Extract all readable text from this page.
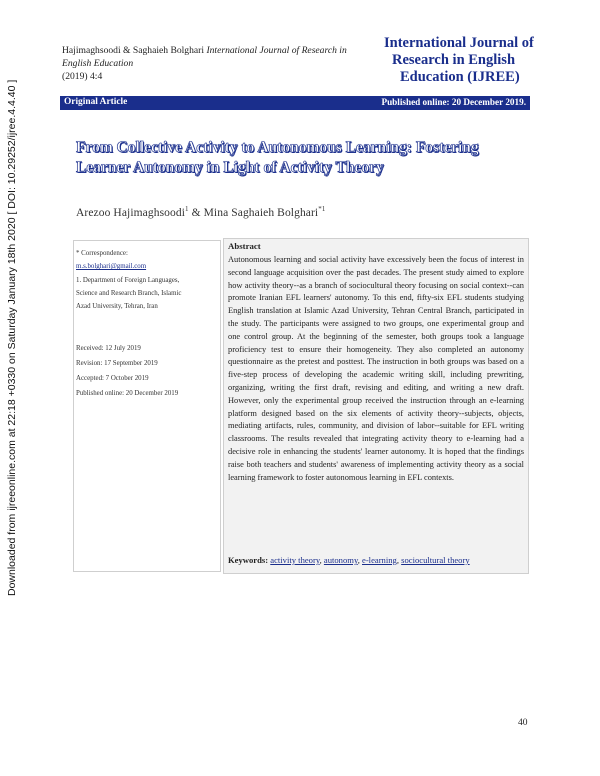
Downloaded from ijreeonline.com at 22:18 +0330 on Saturday January 18th 2020 [ DOI: 10.29252/ijree.4.4.40 ]
Hajimaghsoodi & Saghaieh Bolghari International Journal of Research in English Education
(2019) 4:4
International Journal of
Research in English
Education (IJREE)
Original Article	Published online: 20 December 2019.
From Collective Activity to Autonomous Learning: Fostering Learner Autonomy in Light of Activity Theory
Arezoo Hajimaghsoodi$^1$ & Mina Saghaieh Bolghari$^{*1}$
* Correspondence:
m.s.bolghari@gmail.com
1. Department of Foreign Languages,
Science and Research Branch, Islamic
Azad University, Tehran, Iran
Received: 12 July 2019
Revision: 17 September 2019
Accepted: 7 October 2019
Published online: 20 December 2019
Abstract
Autonomous learning and social activity have excessively been the focus of interest in second language acquisition over the past decades. The present study aimed to explore how activity theory--as a branch of sociocultural theory focusing on social context--can promote Iranian EFL learners' autonomy. To this end, fifty-six EFL students studying English translation at Islamic Azad University, Tehran Central Branch, participated in the study. The participants were assigned to two groups, one experimental group and one control group. At the beginning of the semester, both groups took a language proficiency test to ensure their homogeneity. They also completed an autonomy questionnaire as the pretest and posttest. The instruction in both groups was based on a five-step process of developing the academic writing skill, including prewriting, organizing, writing the first draft, revising and editing, and writing a new draft. However, only the experimental group received the instruction through an e-learning platform designed based on the six elements of activity theory--subjects, objects, mediating artifacts, rules, community, and division of labor--suitable for EFL writing classrooms. The results revealed that integrating activity theory to e-learning had a decisive role in enhancing the students' learner autonomy. It is hoped that the findings raise both teachers and students' awareness of implementing activity theory as a social learning framework to foster autonomous learning in EFL contexts.
Keywords: activity theory, autonomy, e-learning, sociocultural theory
40
